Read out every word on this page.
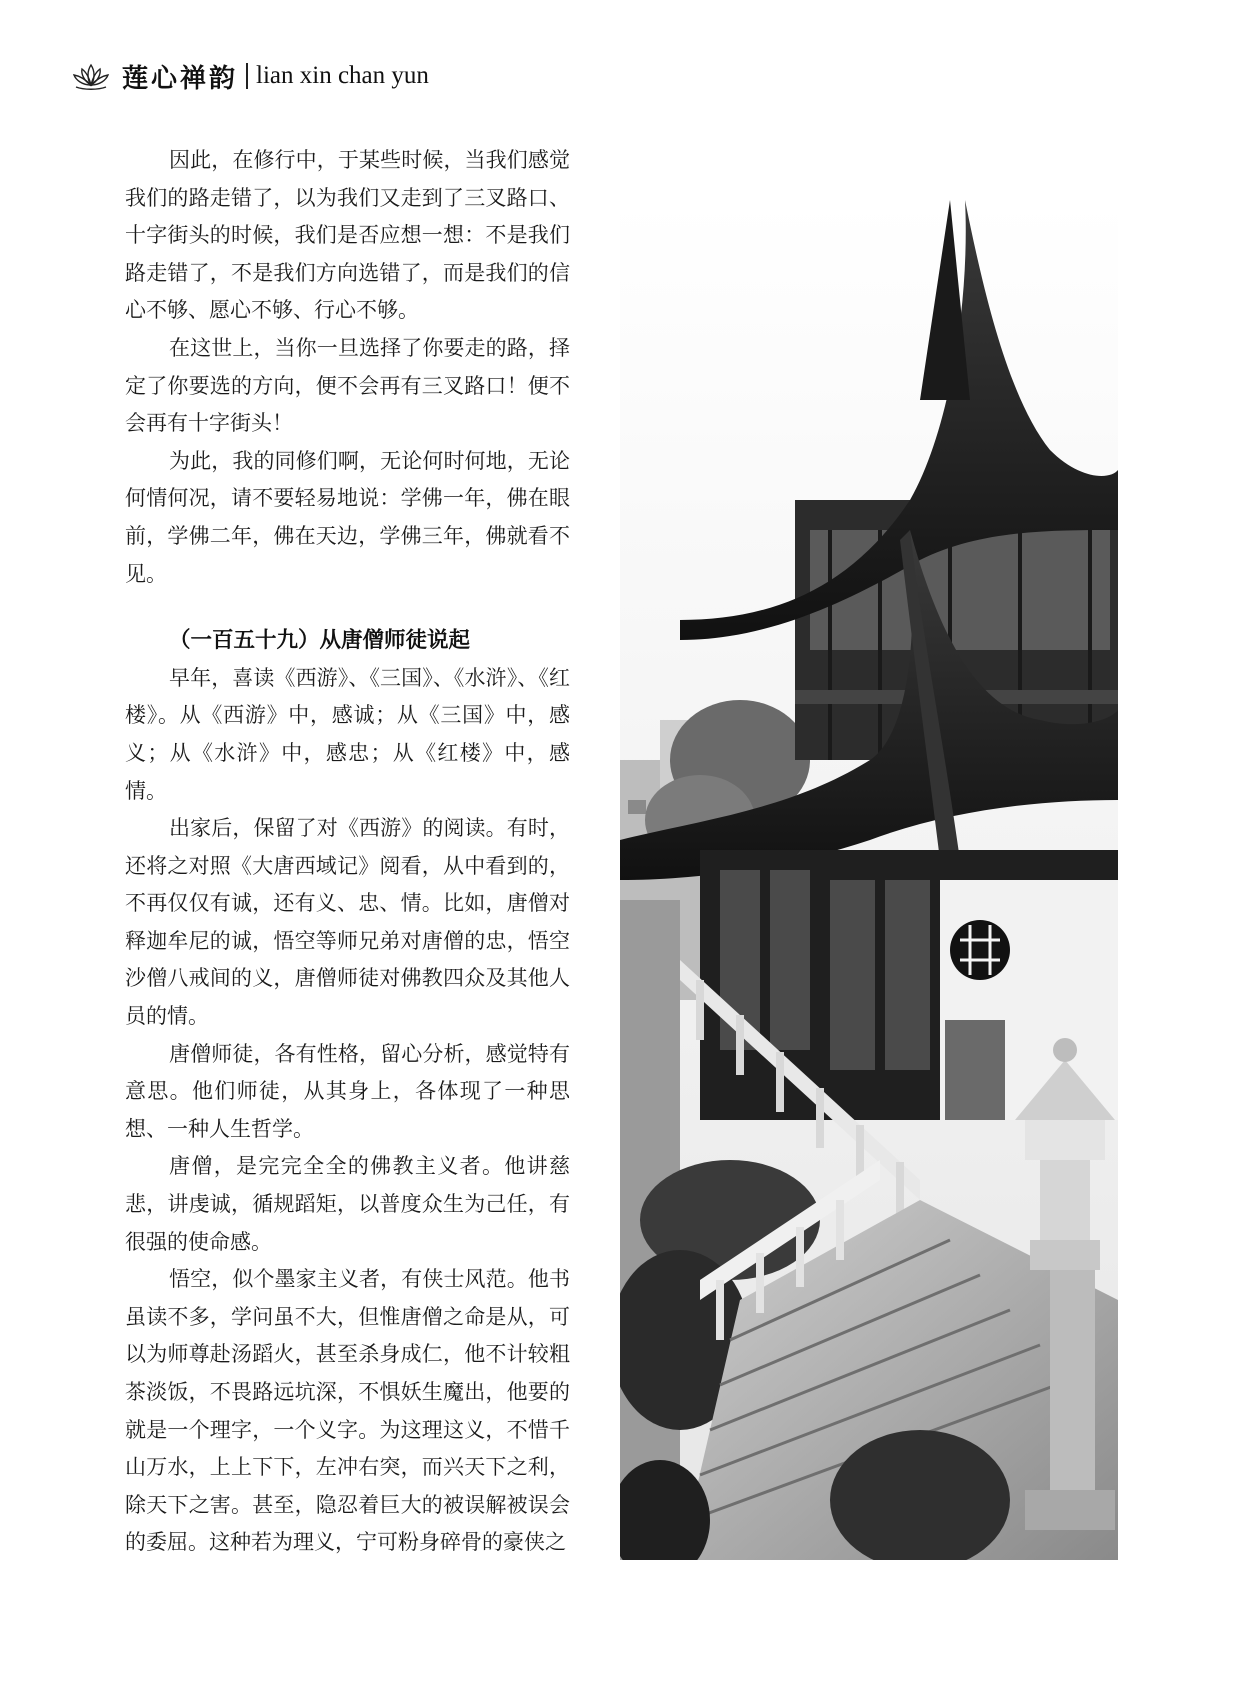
莲心禅韵 lian xin chan yun

因此，在修行中，于某些时候，当我们感觉我们的路走错了，以为我们又走到了三叉路口、十字街头的时候，我们是否应想一想：不是我们路走错了，不是我们方向选错了，而是我们的信心不够、愿心不够、行心不够。

在这世上，当你一旦选择了你要走的路，择定了你要选的方向，便不会再有三叉路口！便不会再有十字街头！

为此，我的同修们啊，无论何时何地，无论何情何况，请不要轻易地说：学佛一年，佛在眼前，学佛二年，佛在天边，学佛三年，佛就看不见。

（一百五十九）从唐僧师徒说起

早年，喜读《西游》、《三国》、《水浒》、《红楼》。从《西游》中，感诚；从《三国》中，感义；从《水浒》中，感忠；从《红楼》中，感情。

出家后，保留了对《西游》的阅读。有时，还将之对照《大唐西域记》阅看，从中看到的，不再仅仅有诚，还有义、忠、情。比如，唐僧对释迦牟尼的诚，悟空等师兄弟对唐僧的忠，悟空沙僧八戒间的义，唐僧师徒对佛教四众及其他人员的情。

唐僧师徒，各有性格，留心分析，感觉特有意思。他们师徒，从其身上，各体现了一种思想、一种人生哲学。

唐僧，是完完全全的佛教主义者。他讲慈悲，讲虔诚，循规蹈矩，以普度众生为己任，有很强的使命感。

悟空，似个墨家主义者，有侠士风范。他书虽读不多，学问虽不大，但惟唐僧之命是从，可以为师尊赴汤蹈火，甚至杀身成仁，他不计较粗茶淡饭，不畏路远坑深，不惧妖生魔出，他要的就是一个理字，一个义字。为这理这义，不惜千山万水，上上下下，左冲右突，而兴天下之利，除天下之害。甚至，隐忍着巨大的被误解被误会的委屈。这种若为理义，宁可粉身碎骨的豪侠之
